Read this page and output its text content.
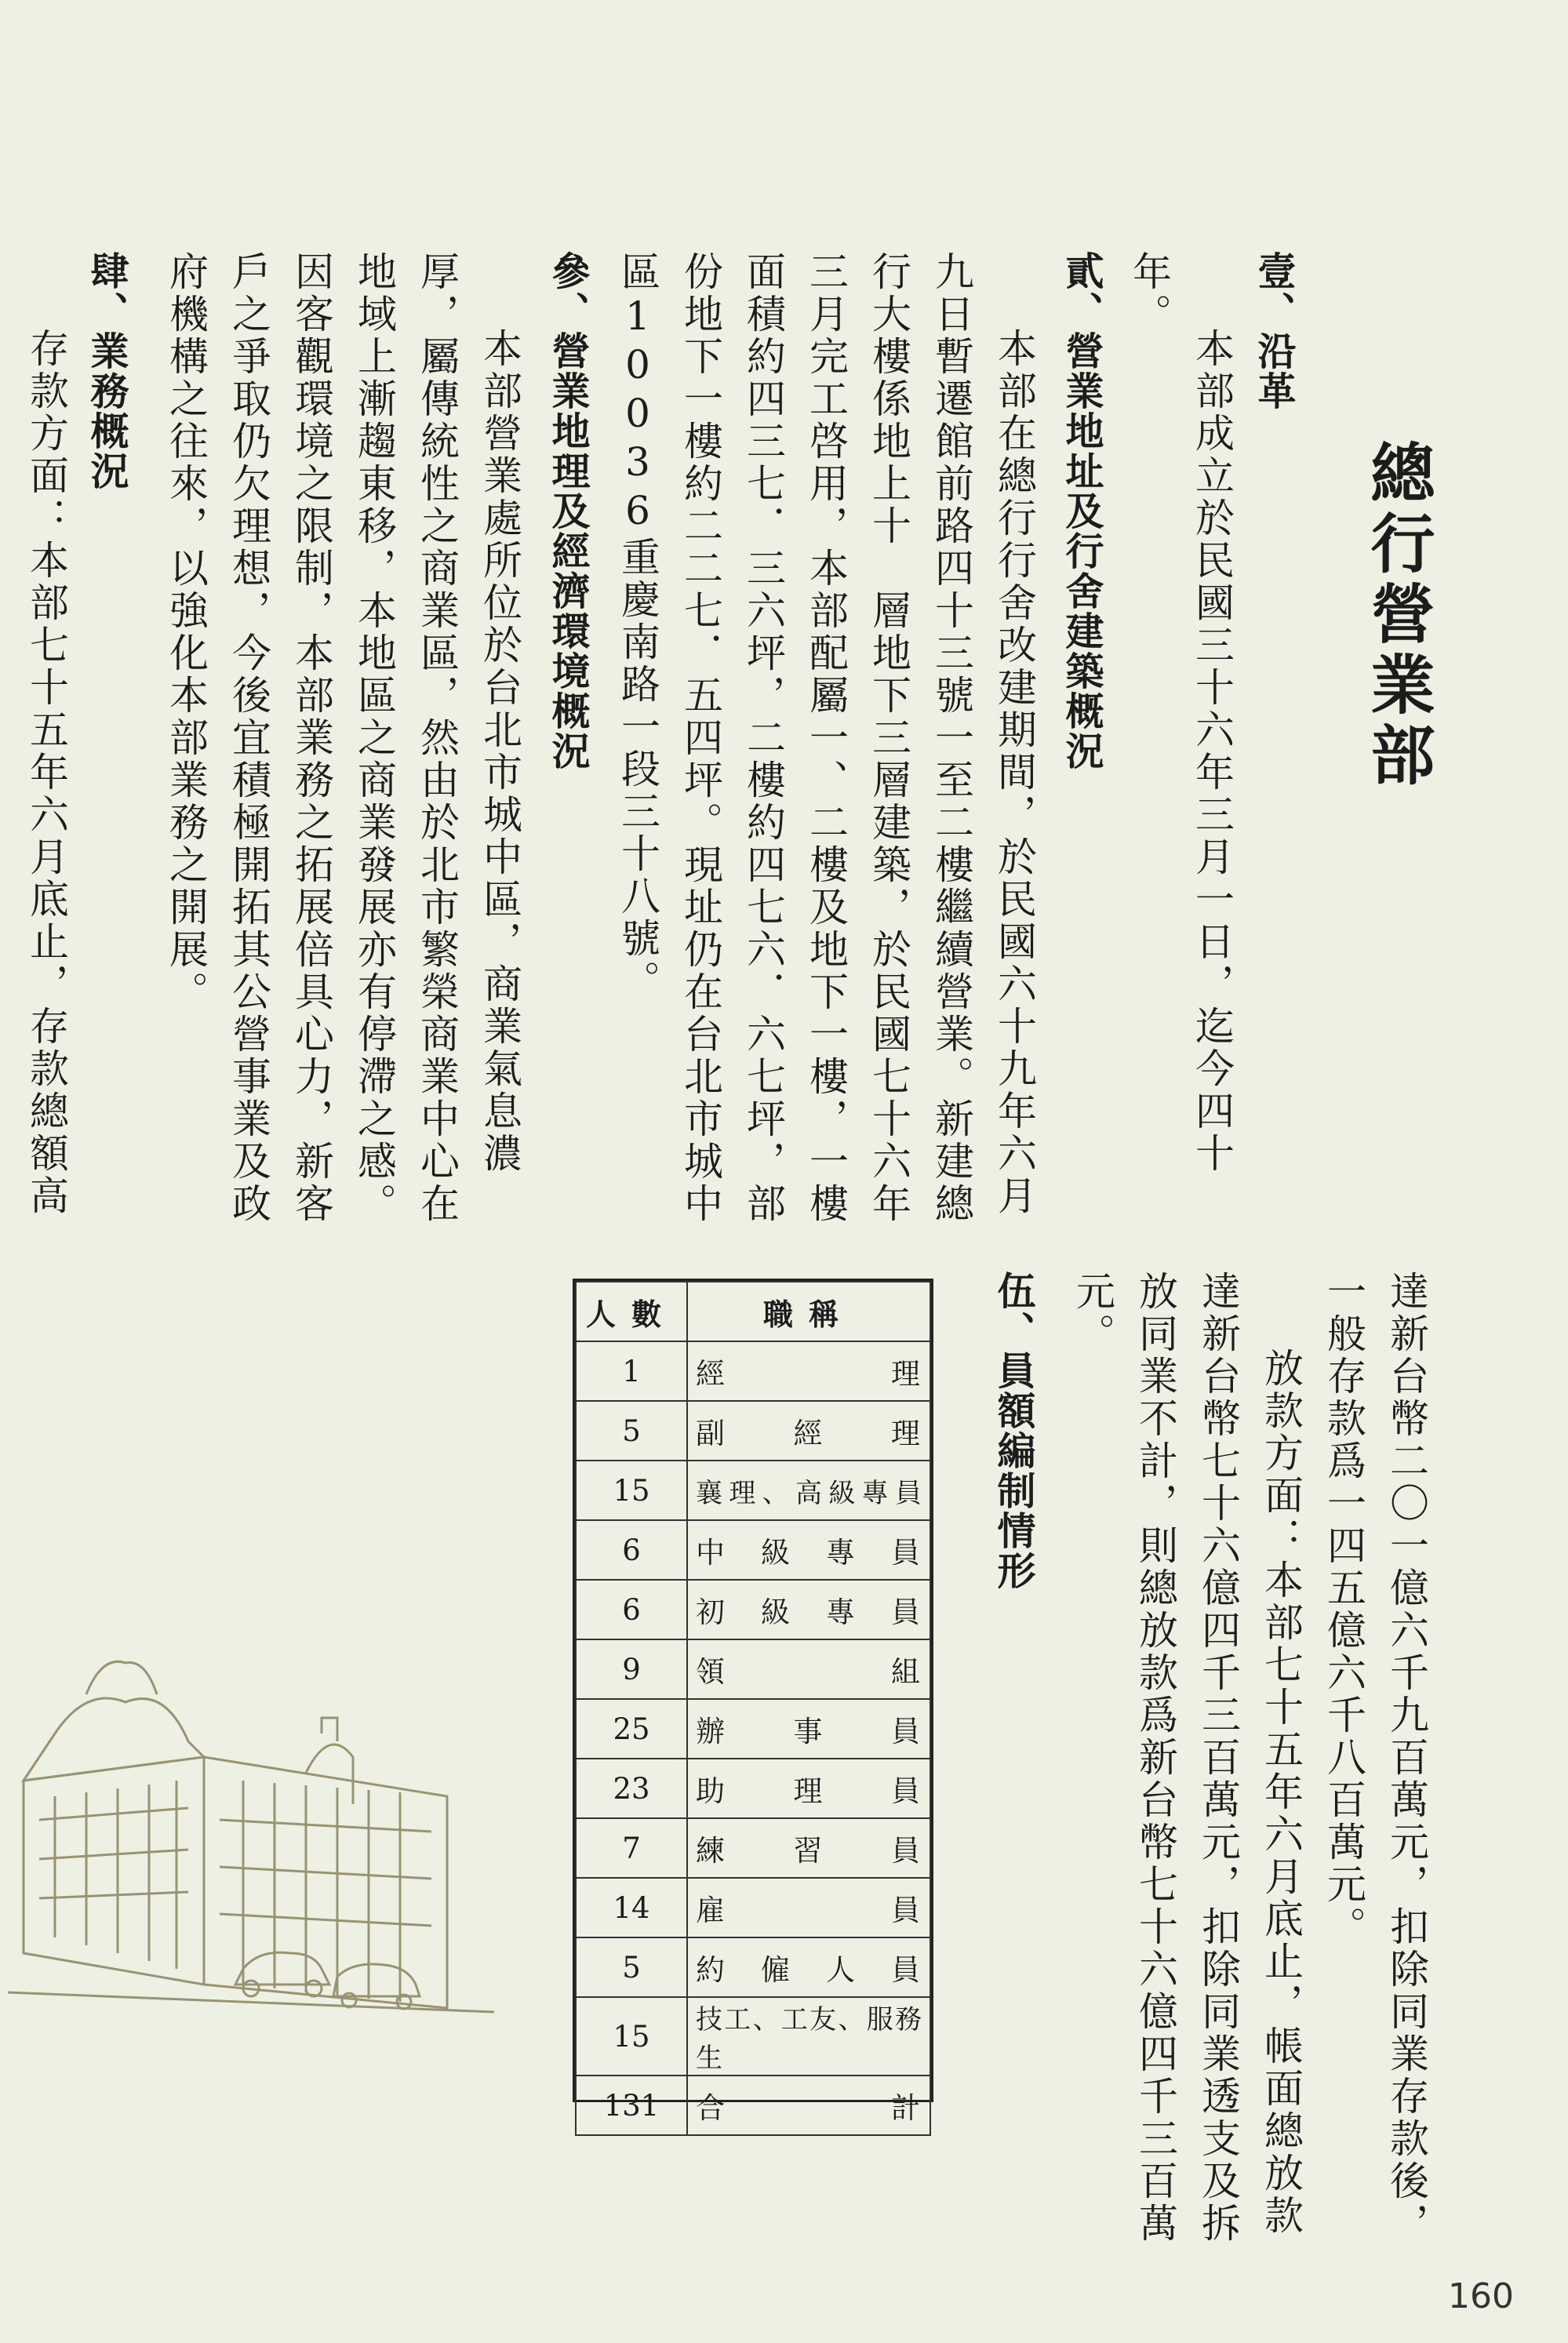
總行營業部
壹、沿革
本部成立於民國三十六年三月一日，迄今四十
年。
貳、營業地址及行舍建築概況
本部在總行行舍改建期間，於民國六十九年六月
九日暫遷館前路四十三號一至二樓繼續營業。新建總
行大樓係地上十　層地下三層建築，於民國七十六年
三月完工啓用，本部配屬一、二樓及地下一樓，一樓
面積約四三七．三六坪，二樓約四七六．六七坪，部
份地下一樓約二二七．五四坪。現址仍在台北市城中
區10036重慶南路一段三十八號。
參、營業地理及經濟環境概況
本部營業處所位於台北市城中區，商業氣息濃
厚，屬傳統性之商業區，然由於北市繁榮商業中心在
地域上漸趨東移，本地區之商業發展亦有停滯之感。
因客觀環境之限制，本部業務之拓展倍具心力，新客
戶之爭取仍欠理想，今後宜積極開拓其公營事業及政
府機構之往來，以強化本部業務之開展。
肆、業務概況
存款方面：本部七十五年六月底止，存款總額高
達新台幣二〇一億六千九百萬元，扣除同業存款後，
一般存款爲一四五億六千八百萬元。
放款方面：本部七十五年六月底止，帳面總放款
達新台幣七十六億四千三百萬元，扣除同業透支及拆
放同業不計，則總放款爲新台幣七十六億四千三百萬
元。
伍、員額編制情形
人數	職稱
1	經理
5	副經理
15	襄理、高級專員
6	中級專員
6	初級專員
9	領組
25	辦事員
23	助理員
7	練習員
14	雇員
5	約僱人員
15	技工、工友、服務生
131	合計
160
